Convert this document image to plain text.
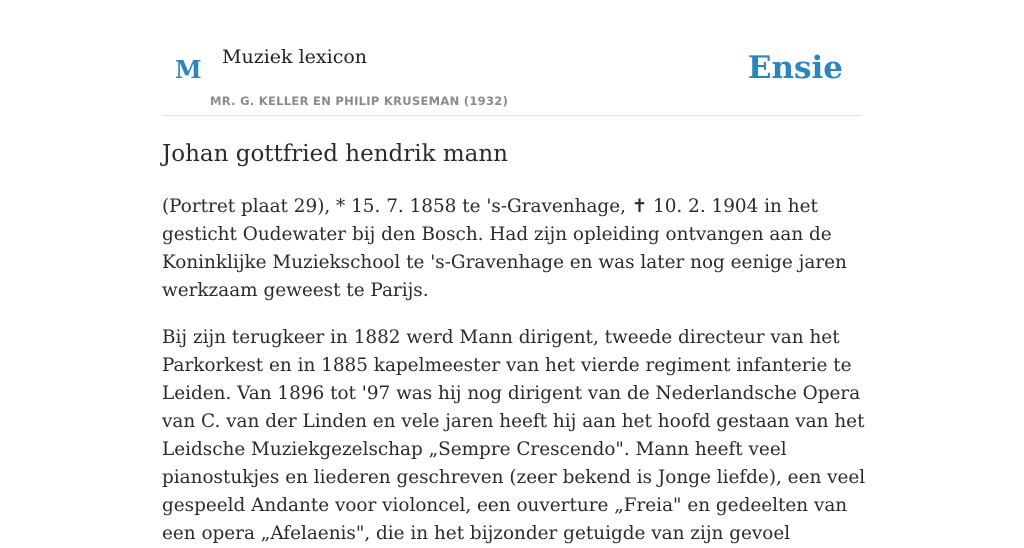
M Muziek lexicon
MR. G. KELLER EN PHILIP KRUSEMAN (1932)
Ensie
Johan gottfried hendrik mann

(Portret plaat 29), * 15. 7. 1858 te 's-Gravenhage, ✝ 10. 2. 1904 in het gesticht Oudewater bij den Bosch. Had zijn opleiding ontvangen aan de Koninklijke Muziekschool te 's-Gravenhage en was later nog eenige jaren werkzaam geweest te Parijs.

Bij zijn terugkeer in 1882 werd Mann dirigent, tweede directeur van het Parkorkest en in 1885 kapelmeester van het vierde regiment infanterie te Leiden. Van 1896 tot '97 was hij nog dirigent van de Nederlandsche Opera van C. van der Linden en vele jaren heeft hij aan het hoofd gestaan van het Leidsche Muziekgezelschap „Sempre Crescendo". Mann heeft veel pianostukjes en liederen geschreven (zeer bekend is Jonge liefde), een veel gespeeld Andante voor violoncel, een ouverture „Freia" en gedeelten van een opera „Afelaenis", die in het bijzonder getuigde van zijn gevoel
